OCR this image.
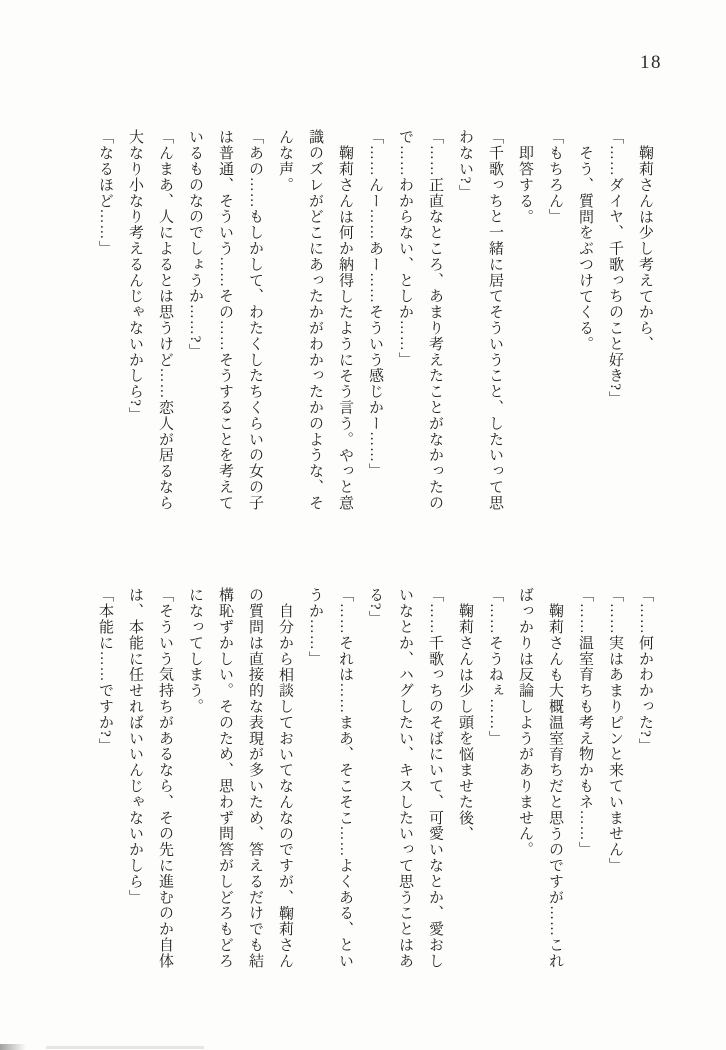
18
鞠莉さんは少し考えてから、
「……ダイヤ、千歌っちのこと好き?」
そう、質問をぶつけてくる。
「もちろん」
即答する。
「千歌っちと一緒に居てそういうこと、したいって思
わない?」
「……正直なところ、あまり考えたことがなかったの
で……わからない、としか……」
「……んー……あー……そういう感じかー……」
鞠莉さんは何か納得したようにそう言う。やっと意
識のズレがどこにあったかがわかったかのような、そ
んな声。
「あの……もしかして、わたくしたちくらいの女の子
は普通、そういう……その……そうすることを考えて
いるものなのでしょうか……?」
「んまあ、人によるとは思うけど……恋人が居るなら
大なり小なり考えるんじゃないかしら?」
「なるほど……」
「……何かわかった?」
「……実はあまりピンと来ていません」
「……温室育ちも考え物かもネ……」
鞠莉さんも大概温室育ちだと思うのですが……これ
ばっかりは反論しようがありません。
「……そうねぇ……」
鞠莉さんは少し頭を悩ませた後、
「……千歌っちのそばにいて、可愛いなとか、愛おし
いなとか、ハグしたい、キスしたいって思うことはあ
る?」
「……それは……まあ、そこそこ……よくある、とい
うか……」
自分から相談しておいてなんなのですが、鞠莉さん
の質問は直接的な表現が多いため、答えるだけでも結
構恥ずかしい。そのため、思わず問答がしどろもどろ
になってしまう。
「そういう気持ちがあるなら、その先に進むのか自体
は、本能に任せればいいんじゃないかしら」
「本能に……ですか?」
